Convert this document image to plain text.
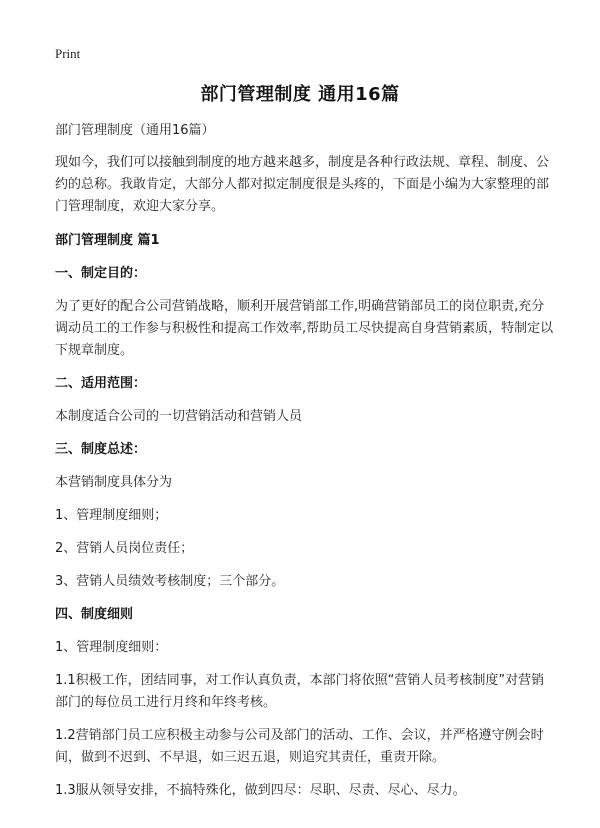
Print
部门管理制度 通用16篇

部门管理制度（通用16篇）

现如今，我们可以接触到制度的地方越来越多，制度是各种行政法规、章程、制度、公约的总称。我敢肯定，大部分人都对拟定制度很是头疼的，下面是小编为大家整理的部门管理制度，欢迎大家分享。

部门管理制度 篇1

一、制定目的：

为了更好的配合公司营销战略，顺利开展营销部工作,明确营销部员工的岗位职责,充分调动员工的工作参与积极性和提高工作效率,帮助员工尽快提高自身营销素质，特制定以下规章制度。

二、适用范围：

本制度适合公司的一切营销活动和营销人员

三、制度总述：

本营销制度具体分为

1、管理制度细则；

2、营销人员岗位责任；

3、营销人员绩效考核制度；三个部分。

四、制度细则

1、管理制度细则：

1.1积极工作，团结同事，对工作认真负责，本部门将依照“营销人员考核制度”对营销部门的每位员工进行月终和年终考核。

1.2营销部门员工应积极主动参与公司及部门的活动、工作、会议，并严格遵守例会时间，做到不迟到、不早退，如三迟五退，则追究其责任，重责开除。

1.3服从领导安排，不搞特殊化，做到四尽：尽职、尽责、尽心、尽力。
